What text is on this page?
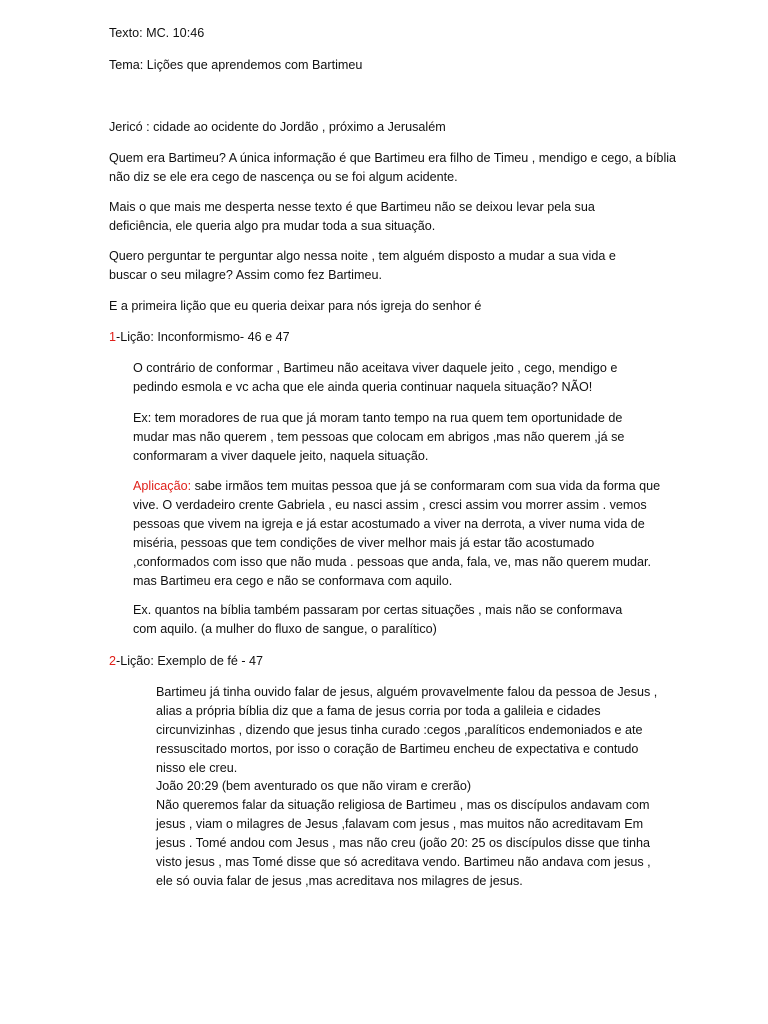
Texto: MC. 10:46

Tema: Lições que aprendemos com Bartimeu

Jericó : cidade ao ocidente do Jordão , próximo a Jerusalém

Quem era Bartimeu? A única informação é que Bartimeu era filho de Timeu , mendigo e cego, a bíblia não diz se ele era cego de nascença ou se foi algum acidente.

Mais o que mais me desperta nesse texto é que Bartimeu não se deixou levar pela sua deficiência, ele queria algo pra mudar toda a sua situação.

Quero perguntar te perguntar algo nessa noite , tem alguém disposto a mudar a sua vida e buscar o seu milagre? Assim como fez Bartimeu.

E a primeira lição que eu queria deixar para nós igreja do senhor é

1-Lição: Inconformismo- 46 e 47

O contrário de conformar , Bartimeu não aceitava viver daquele jeito , cego, mendigo e pedindo esmola e vc acha que ele ainda queria continuar naquela situação? NÃO!

Ex: tem moradores de rua que já moram tanto tempo na rua quem tem oportunidade de mudar mas não querem , tem pessoas que colocam em abrigos ,mas não querem ,já se conformaram a viver daquele jeito, naquela situação.

Aplicação: sabe irmãos tem muitas pessoa que já se conformaram com sua vida da forma que vive. O verdadeiro crente Gabriela , eu nasci assim , cresci assim vou morrer assim . vemos pessoas que vivem na igreja e já estar acostumado a viver na derrota, a viver numa vida de miséria, pessoas que tem condições de viver melhor mais já estar tão acostumado ,conformados com isso que não muda . pessoas que anda, fala, ve, mas não querem mudar. mas Bartimeu era cego e não se conformava com aquilo.

Ex. quantos na bíblia também passaram por certas situações , mais não se conformava com aquilo. (a mulher do fluxo de sangue, o paralítico)

2-Lição: Exemplo de fé - 47

Bartimeu já tinha ouvido falar de jesus, alguém provavelmente falou da pessoa de Jesus , alias a própria bíblia diz que a fama de jesus corria por toda a galileia e cidades circunvizinhas , dizendo que jesus tinha curado :cegos ,paralíticos endemoniados e ate ressuscitado mortos, por isso o coração de Bartimeu encheu de expectativa e contudo nisso ele creu.

João 20:29 (bem aventurado os que não viram e crerão)

Não queremos falar da situação religiosa de Bartimeu , mas os discípulos andavam com jesus , viam o milagres de Jesus ,falavam com jesus , mas muitos não acreditavam Em jesus . Tomé andou com Jesus , mas não creu (joão 20: 25 os discípulos disse que tinha visto jesus , mas Tomé disse que só acreditava vendo. Bartimeu não andava com jesus , ele só ouvia falar de jesus ,mas acreditava nos milagres de jesus.
